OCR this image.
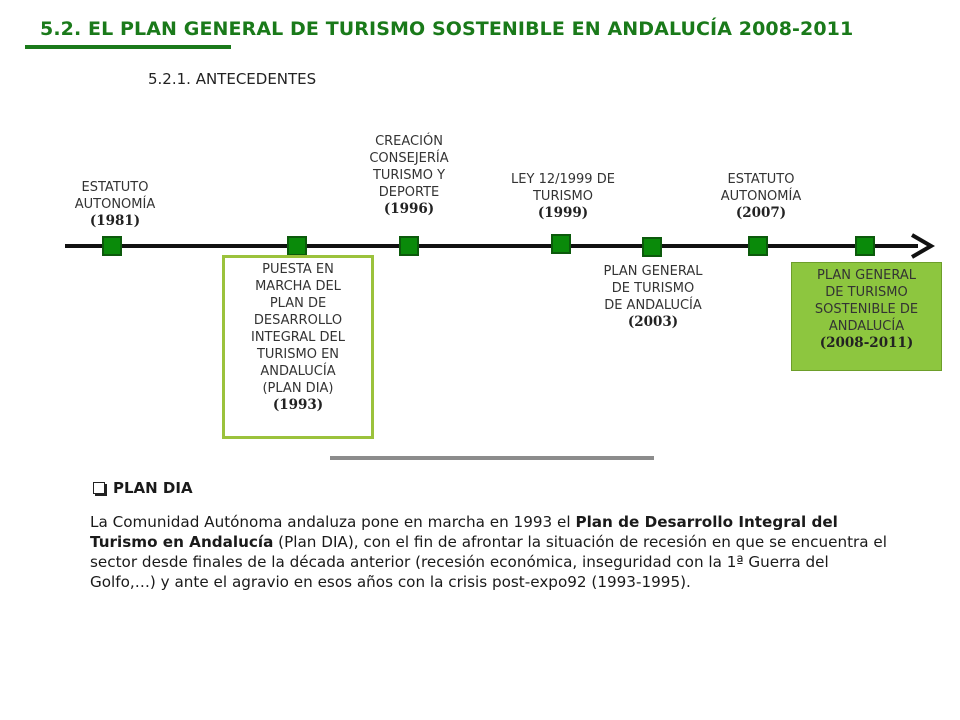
5.2. EL PLAN GENERAL DE TURISMO SOSTENIBLE EN ANDALUCÍA 2008-2011
5.2.1. ANTECEDENTES
ESTATUTO
AUTONOMÍA
(1981)
PUESTA EN
MARCHA DEL
PLAN DE
DESARROLLO
INTEGRAL DEL
TURISMO EN
ANDALUCÍA
(PLAN DIA)
(1993)
CREACIÓN
CONSEJERÍA
TURISMO Y
DEPORTE
(1996)
LEY 12/1999 DE
TURISMO
(1999)
PLAN GENERAL
DE TURISMO
DE ANDALUCÍA
(2003)
ESTATUTO
AUTONOMÍA
(2007)
PLAN GENERAL
DE TURISMO
SOSTENIBLE DE
ANDALUCÍA
(2008-2011)
PLAN DIA
La Comunidad Autónoma andaluza pone en marcha en 1993 el Plan de Desarrollo Integral del Turismo en Andalucía (Plan DIA), con el fin de afrontar la situación de recesión en que se encuentra el sector desde finales de la década anterior (recesión económica, inseguridad con la 1ª Guerra del Golfo,…) y ante el agravio en esos años con la crisis post-expo92 (1993-1995).
